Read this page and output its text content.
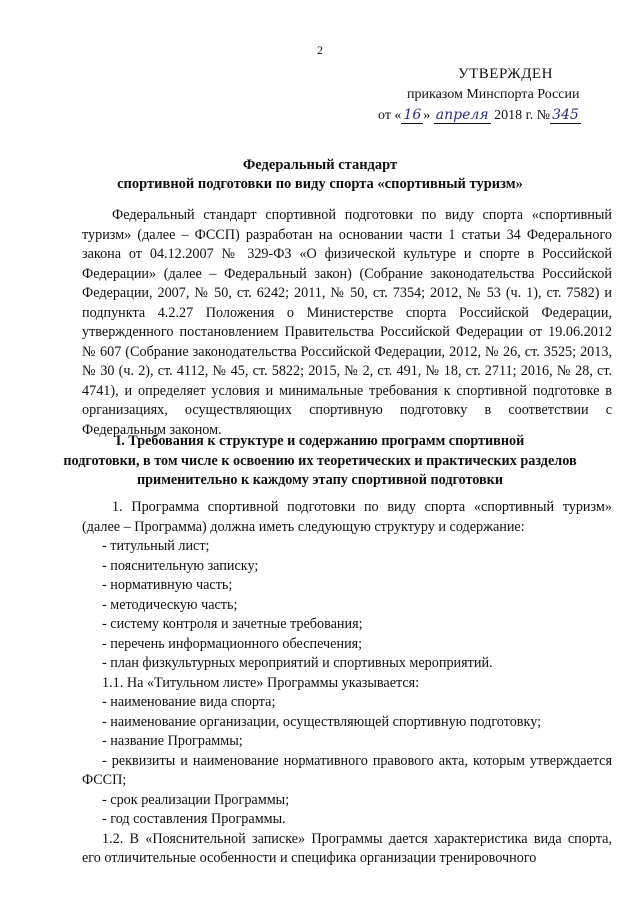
2
УТВЕРЖДЕН
приказом Минспорта России
от « 16 » апреля 2018 г. № 345
Федеральный стандарт
спортивной подготовки по виду спорта «спортивный туризм»

Федеральный стандарт спортивной подготовки по виду спорта «спортивный туризм» (далее – ФССП) разработан на основании части 1 статьи 34 Федерального закона от 04.12.2007 № 329-ФЗ «О физической культуре и спорте в Российской Федерации» (далее – Федеральный закон) (Собрание законодательства Российской Федерации, 2007, № 50, ст. 6242; 2011, № 50, ст. 7354; 2012, № 53 (ч. 1), ст. 7582) и подпункта 4.2.27 Положения о Министерстве спорта Российской Федерации, утвержденного постановлением Правительства Российской Федерации от 19.06.2012 № 607 (Собрание законодательства Российской Федерации, 2012, № 26, ст. 3525; 2013, № 30 (ч. 2), ст. 4112, № 45, ст. 5822; 2015, № 2, ст. 491, № 18, ст. 2711; 2016, № 28, ст. 4741), и определяет условия и минимальные требования к спортивной подготовке в организациях, осуществляющих спортивную подготовку в соответствии с Федеральным законом.

I. Требования к структуре и содержанию программ спортивной
подготовки, в том числе к освоению их теоретических и практических разделов
применительно к каждому этапу спортивной подготовки

1. Программа спортивной подготовки по виду спорта «спортивный туризм» (далее – Программа) должна иметь следующую структуру и содержание:

- титульный лист;

- пояснительную записку;

- нормативную часть;

- методическую часть;

- систему контроля и зачетные требования;

- перечень информационного обеспечения;

- план физкультурных мероприятий и спортивных мероприятий.

1.1. На «Титульном листе» Программы указывается:

- наименование вида спорта;

- наименование организации, осуществляющей спортивную подготовку;

- название Программы;

- реквизиты и наименование нормативного правового акта, которым утверждается ФССП;

- срок реализации Программы;

- год составления Программы.

1.2. В «Пояснительной записке» Программы дается характеристика вида спорта, его отличительные особенности и специфика организации тренировочного
